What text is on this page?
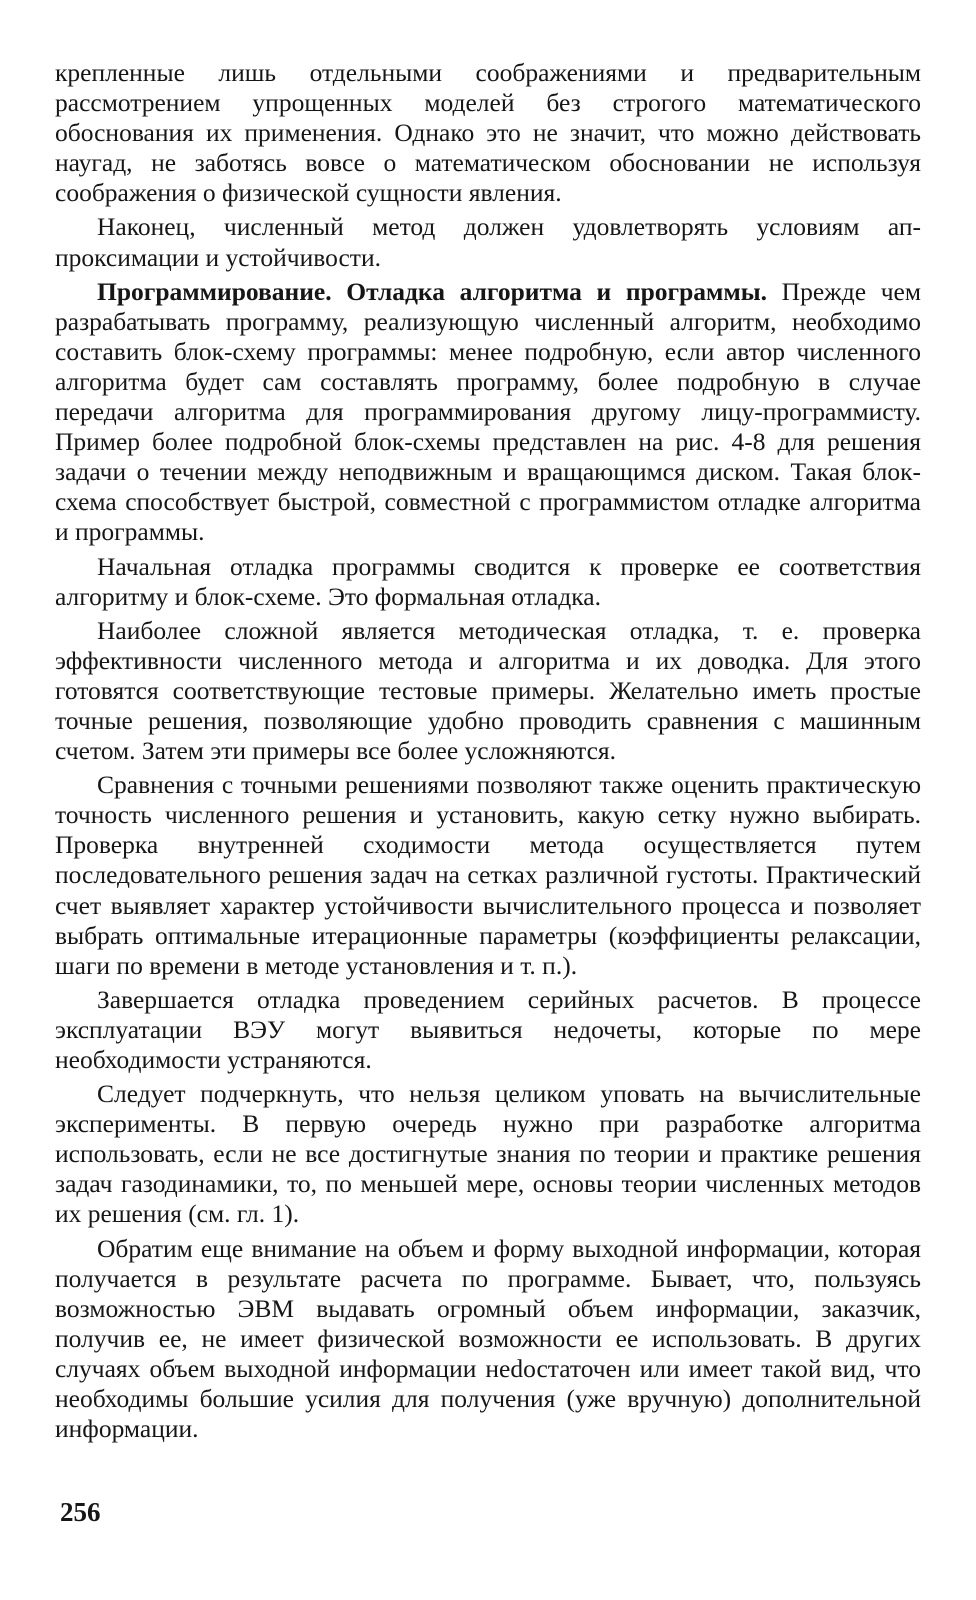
крепленные лишь отдельными соображениями и предварительным рассмотрением упрощенных моделей без строгого математического обоснования их применения. Однако это не значит, что можно действовать наугад, не заботясь вовсе о математическом обосновании не используя соображения о физической сущности явления.

Наконец, численный метод должен удовлетворять условиям аппроксимации и устойчивости.

Программирование. Отладка алгоритма и программы. Прежде чем разрабатывать программу, реализующую численный алгоритм, необходимо составить блок-схему программы: менее подробную, если автор численного алгоритма будет сам составлять программу, более подробную в случае передачи алгоритма для программирования другому лицу-программисту. Пример более подробной блок-схемы представлен на рис. 4-8 для решения задачи о течении между неподвижным и вращающимся диском. Такая блок-схема способствует быстрой, совместной с программистом отладке алгоритма и программы.

Начальная отладка программы сводится к проверке ее соответствия алгоритму и блок-схеме. Это формальная отладка.

Наиболее сложной является методическая отладка, т. е. проверка эффективности численного метода и алгоритма и их доводка. Для этого готовятся соответствующие тестовые примеры. Желательно иметь простые точные решения, позволяющие удобно проводить сравнения с машинным счетом. Затем эти примеры все более усложняются.

Сравнения с точными решениями позволяют также оценить практическую точность численного решения и установить, какую сетку нужно выбирать. Проверка внутренней сходимости метода осуществляется путем последовательного решения задач на сетках различной густоты. Практический счет выявляет характер устойчивости вычислительного процесса и позволяет выбрать оптимальные итерационные параметры (коэффициенты релаксации, шаги по времени в методе установления и т. п.).

Завершается отладка проведением серийных расчетов. В процессе эксплуатации ВЭУ могут выявиться недочеты, которые по мере необходимости устраняются.

Следует подчеркнуть, что нельзя целиком уповать на вычислительные эксперименты. В первую очередь нужно при разработке алгоритма использовать, если не все достигнутые знания по теории и практике решения задач газодинамики, то, по меньшей мере, основы теории численных методов их решения (см. гл. 1).

Обратим еще внимание на объем и форму выходной информации, которая получается в результате расчета по программе. Бывает, что, пользуясь возможностью ЭВМ выдавать огромный объем информации, заказчик, получив ее, не имеет физической возможности ее использовать. В других случаях объем выходной информации неdостаточен или имеет такой вид, что необходимы большие усилия для получения (уже вручную) дополнительной информации.

256
